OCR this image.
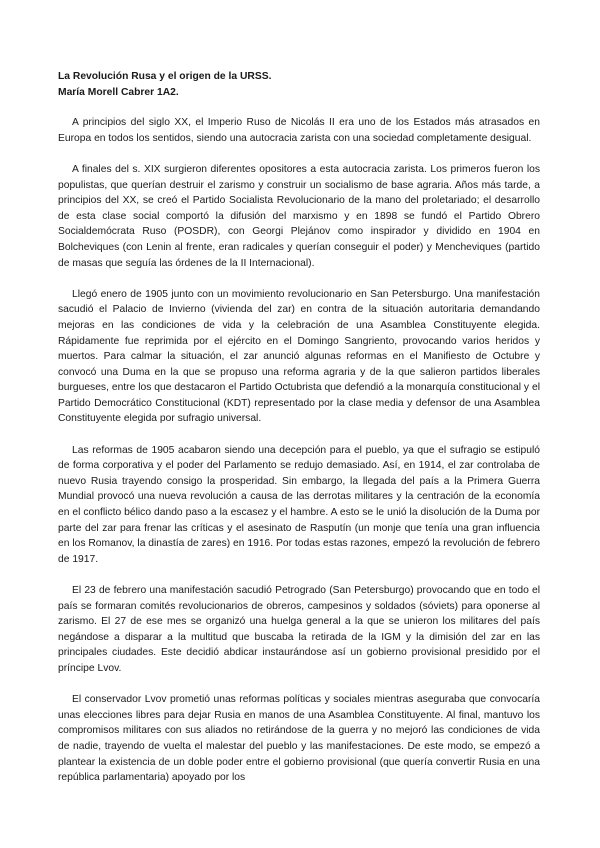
La Revolución Rusa y el origen de la URSS.
María Morell Cabrer 1A2.

A principios del siglo XX, el Imperio Ruso de Nicolás II era uno de los Estados más atrasados en Europa en todos los sentidos, siendo una autocracia zarista con una sociedad completamente desigual.

A finales del s. XIX surgieron diferentes opositores a esta autocracia zarista. Los primeros fueron los populistas, que querían destruir el zarismo y construir un socialismo de base agraria. Años más tarde, a principios del XX, se creó el Partido Socialista Revolucionario de la mano del proletariado; el desarrollo de esta clase social comportó la difusión del marxismo y en 1898 se fundó el Partido Obrero Socialdemócrata Ruso (POSDR), con Georgi Plejánov como inspirador y dividido en 1904 en Bolcheviques (con Lenin al frente, eran radicales y querían conseguir el poder) y Mencheviques (partido de masas que seguía las órdenes de la II Internacional).

Llegó enero de 1905 junto con un movimiento revolucionario en San Petersburgo. Una manifestación sacudió el Palacio de Invierno (vivienda del zar) en contra de la situación autoritaria demandando mejoras en las condiciones de vida y la celebración de una Asamblea Constituyente elegida. Rápidamente fue reprimida por el ejército en el Domingo Sangriento, provocando varios heridos y muertos. Para calmar la situación, el zar anunció algunas reformas en el Manifiesto de Octubre y convocó una Duma en la que se propuso una reforma agraria y de la que salieron partidos liberales burgueses, entre los que destacaron el Partido Octubrista que defendió a la monarquía constitucional y el Partido Democrático Constitucional (KDT) representado por la clase media y defensor de una Asamblea Constituyente elegida por sufragio universal.

Las reformas de 1905 acabaron siendo una decepción para el pueblo, ya que el sufragio se estipuló de forma corporativa y el poder del Parlamento se redujo demasiado. Así, en 1914, el zar controlaba de nuevo Rusia trayendo consigo la prosperidad. Sin embargo, la llegada del país a la Primera Guerra Mundial provocó una nueva revolución a causa de las derrotas militares y la centración de la economía en el conflicto bélico dando paso a la escasez y el hambre. A esto se le unió la disolución de la Duma por parte del zar para frenar las críticas y el asesinato de Rasputín (un monje que tenía una gran influencia en los Romanov, la dinastía de zares) en 1916. Por todas estas razones, empezó la revolución de febrero de 1917.

El 23 de febrero una manifestación sacudió Petrogrado (San Petersburgo) provocando que en todo el país se formaran comités revolucionarios de obreros, campesinos y soldados (sóviets) para oponerse al zarismo. El 27 de ese mes se organizó una huelga general a la que se unieron los militares del país negándose a disparar a la multitud que buscaba la retirada de la IGM y la dimisión del zar en las principales ciudades. Este decidió abdicar instaurándose así un gobierno provisional presidido por el príncipe Lvov.

El conservador Lvov prometió unas reformas políticas y sociales mientras aseguraba que convocaría unas elecciones libres para dejar Rusia en manos de una Asamblea Constituyente. Al final, mantuvo los compromisos militares con sus aliados no retirándose de la guerra y no mejoró las condiciones de vida de nadie, trayendo de vuelta el malestar del pueblo y las manifestaciones. De este modo, se empezó a plantear la existencia de un doble poder entre el gobierno provisional (que quería convertir Rusia en una república parlamentaria) apoyado por los
